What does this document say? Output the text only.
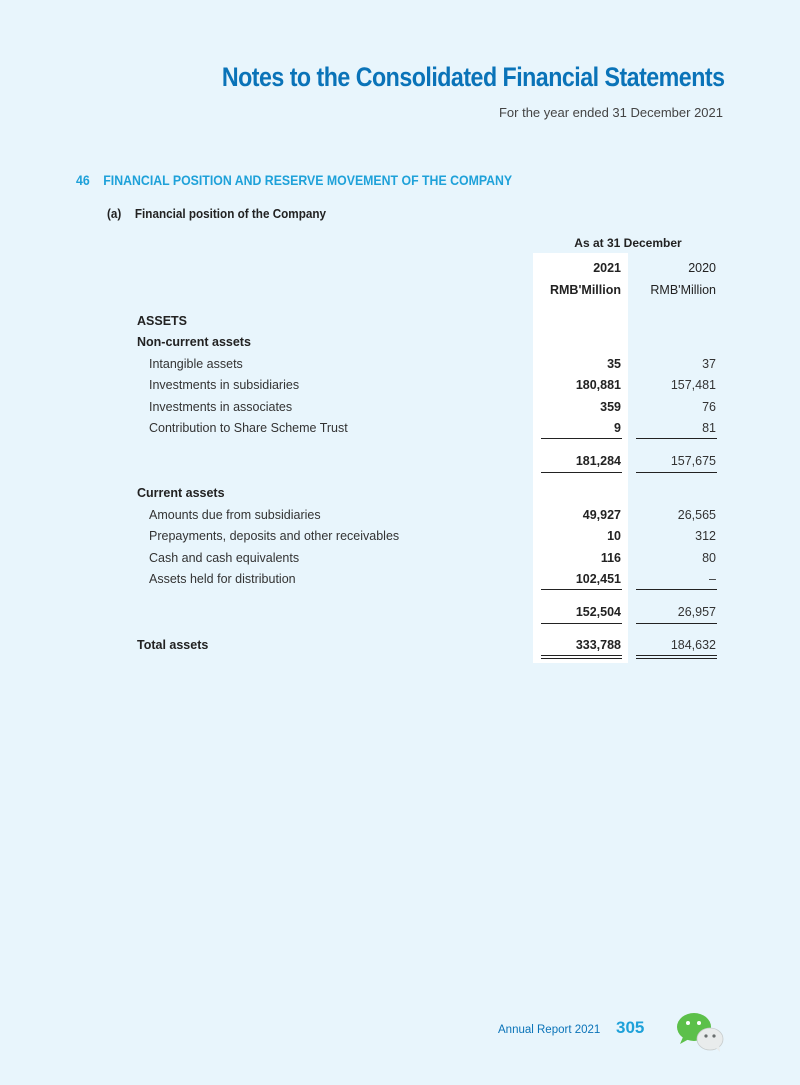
Notes to the Consolidated Financial Statements
For the year ended 31 December 2021
46 FINANCIAL POSITION AND RESERVE MOVEMENT OF THE COMPANY
(a) Financial position of the Company
As at 31 December
2021	2020
RMB'Million	RMB'Million
ASSETS
Non-current assets
Intangible assets	35	37
Investments in subsidiaries	180,881	157,481
Investments in associates	359	76
Contribution to Share Scheme Trust	9	81
181,284	157,675
Current assets
Amounts due from subsidiaries	49,927	26,565
Prepayments, deposits and other receivables	10	312
Cash and cash equivalents	116	80
Assets held for distribution	102,451	–
152,504	26,957
Total assets	333,788	184,632
Annual Report 2021 305
